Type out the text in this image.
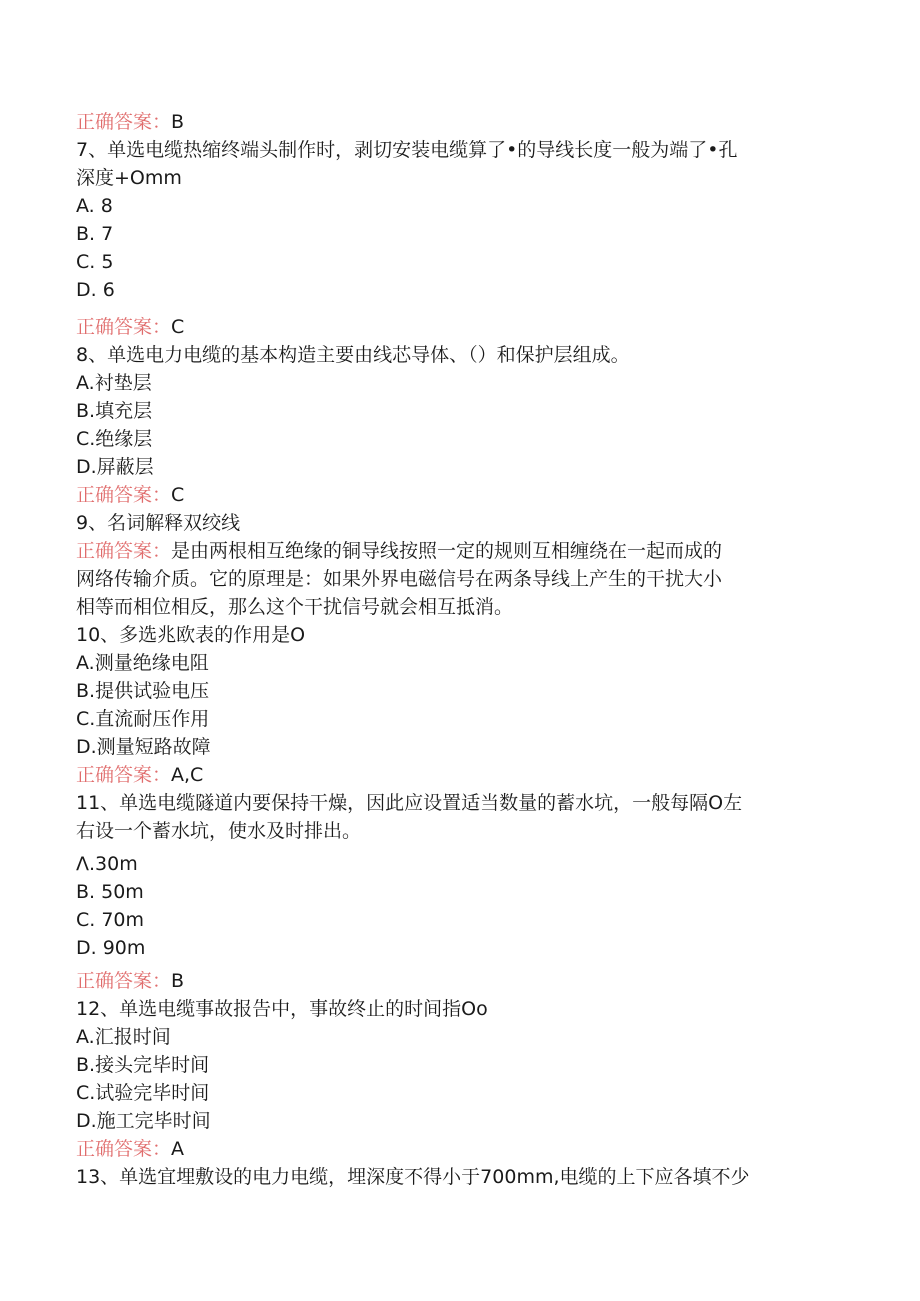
正确答案：B
7、单选电缆热缩终端头制作时，剥切安装电缆算了•的导线长度一般为端了•孔
深度+Omm
A. 8
B. 7
C. 5
D. 6
正确答案：C
8、单选电力电缆的基本构造主要由线芯导体、（）和保护层组成。
A.衬垫层
B.填充层
C.绝缘层
D.屏蔽层
正确答案：C
9、名词解释双绞线
正确答案：是由两根相互绝缘的铜导线按照一定的规则互相缠绕在一起而成的
网络传输介质。它的原理是：如果外界电磁信号在两条导线上产生的干扰大小
相等而相位相反，那么这个干扰信号就会相互抵消。
10、多选兆欧表的作用是O
A.测量绝缘电阻
B.提供试验电压
C.直流耐压作用
D.测量短路故障
正确答案：A,C
11、单选电缆隧道内要保持干燥，因此应设置适当数量的蓄水坑，一般每隔O左
右设一个蓄水坑，使水及时排出。
Λ.30m
B. 50m
C. 70m
D. 90m
正确答案：B
12、单选电缆事故报告中，事故终止的时间指Oo
A.汇报时间
B.接头完毕时间
C.试验完毕时间
D.施工完毕时间
正确答案：A
13、单选宜埋敷设的电力电缆，埋深度不得小于700mm,电缆的上下应各填不少
